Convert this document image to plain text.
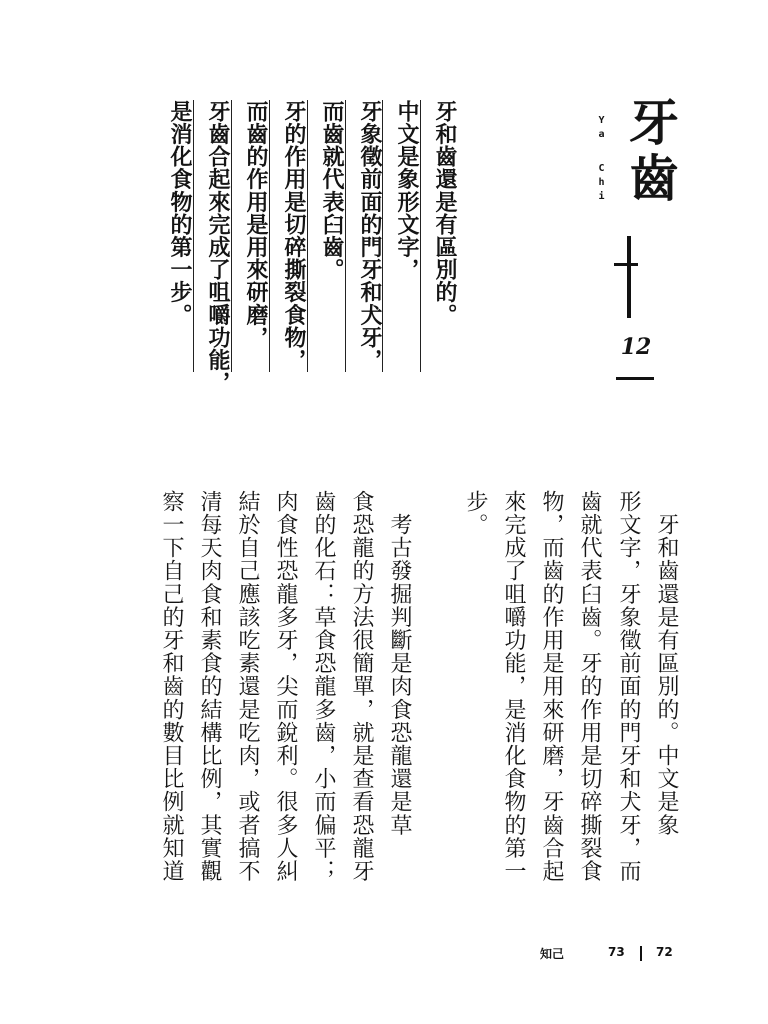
牙齒
Ya
Chi
12
牙和齒還是有區別的。
中文是象形文字，
牙象徵前面的門牙和犬牙，
而齒就代表臼齒。
牙的作用是切碎撕裂食物，
而齒的作用是用來研磨，
牙齒合起來完成了咀嚼功能，
是消化食物的第一步。
　牙和齒還是有區別的。中文是象
形文字，牙象徵前面的門牙和犬牙，而
齒就代表臼齒。牙的作用是切碎撕裂食
物，而齒的作用是用來研磨，牙齒合起
來完成了咀嚼功能，是消化食物的第一
步。
　考古發掘判斷是肉食恐龍還是草
食恐龍的方法很簡單，就是查看恐龍牙
齒的化石：草食恐龍多齒，小而偏平；
肉食性恐龍多牙，尖而銳利。很多人糾
結於自己應該吃素還是吃肉，或者搞不
清每天肉食和素食的結構比例，其實觀
察一下自己的牙和齒的數目比例就知道
知己	73	72
